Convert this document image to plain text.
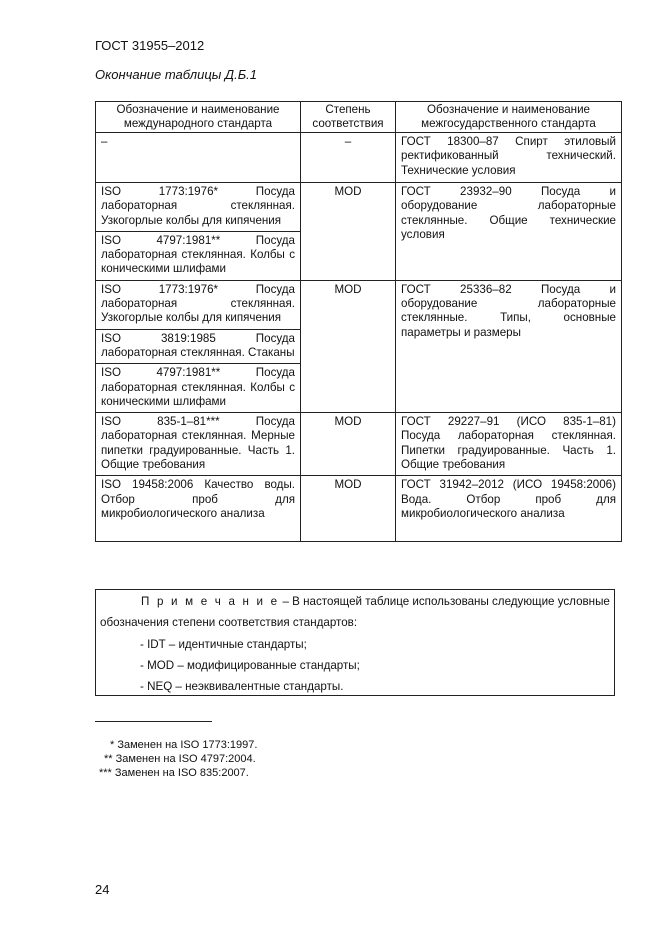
ГОСТ 31955–2012
Окончание таблицы Д.Б.1
Обозначение и наименование международного стандарта	Степень соответствия	Обозначение и наименование межгосударственного стандарта
–	–	ГОСТ 18300–87 Спирт этиловый ректификованный технический. Технические условия
ISO 1773:1976* Посуда лабораторная стеклянная. Узкогорлые колбы для кипячения	MOD	ГОСТ 23932–90 Посуда и оборудование лабораторные стеклянные. Общие технические условия
ISO 4797:1981** Посуда лабораторная стеклянная. Колбы с коническими шлифами		
ISO 1773:1976* Посуда лабораторная стеклянная. Узкогорлые колбы для кипячения	MOD	ГОСТ 25336–82 Посуда и оборудование лабораторные стеклянные. Типы, основные параметры и размеры
ISO 3819:1985 Посуда лабораторная стеклянная. Стаканы		
ISO 4797:1981** Посуда лабораторная стеклянная. Колбы с коническими шлифами		
ISO 835-1–81*** Посуда лабораторная стеклянная. Мерные пипетки градуированные. Часть 1. Общие требования	MOD	ГОСТ 29227–91 (ИСО 835-1–81) Посуда лабораторная стеклянная. Пипетки градуированные. Часть 1. Общие требования
ISO 19458:2006 Качество воды. Отбор проб для микробиологического анализа	MOD	ГОСТ 31942–2012 (ИСО 19458:2006) Вода. Отбор проб для микробиологического анализа
П р и м е ч а н и е – В настоящей таблице использованы следующие условные
обозначения степени соответствия стандартов:
- IDT – идентичные стандарты;
- MOD – модифицированные стандарты;
- NEQ – неэквивалентные стандарты.
* Заменен на ISO 1773:1997.
** Заменен на ISO 4797:2004.
*** Заменен на ISO 835:2007.
24
